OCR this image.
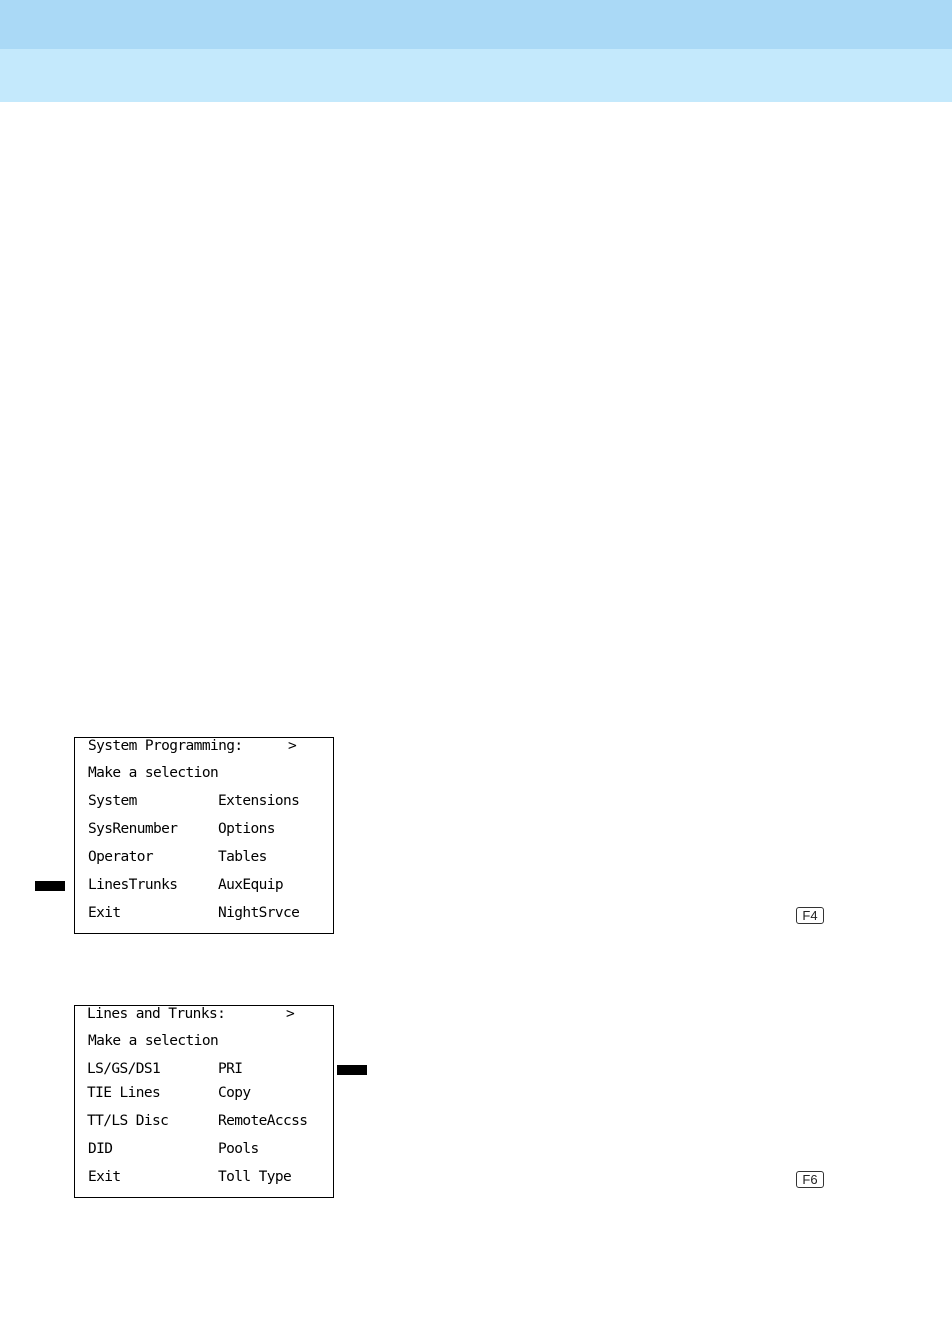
System Programming:	>
Make a selection
System	Extensions
SysRenumber	Options
Operator	Tables
LinesTrunks	AuxEquip
Exit	NightSrvce
Lines and Trunks:	>
Make a selection
LS/GS/DS1	PRI
TIE Lines	Copy
TT/LS Disc	RemoteAccss
DID	Pools
Exit	Toll Type
F4
F6
